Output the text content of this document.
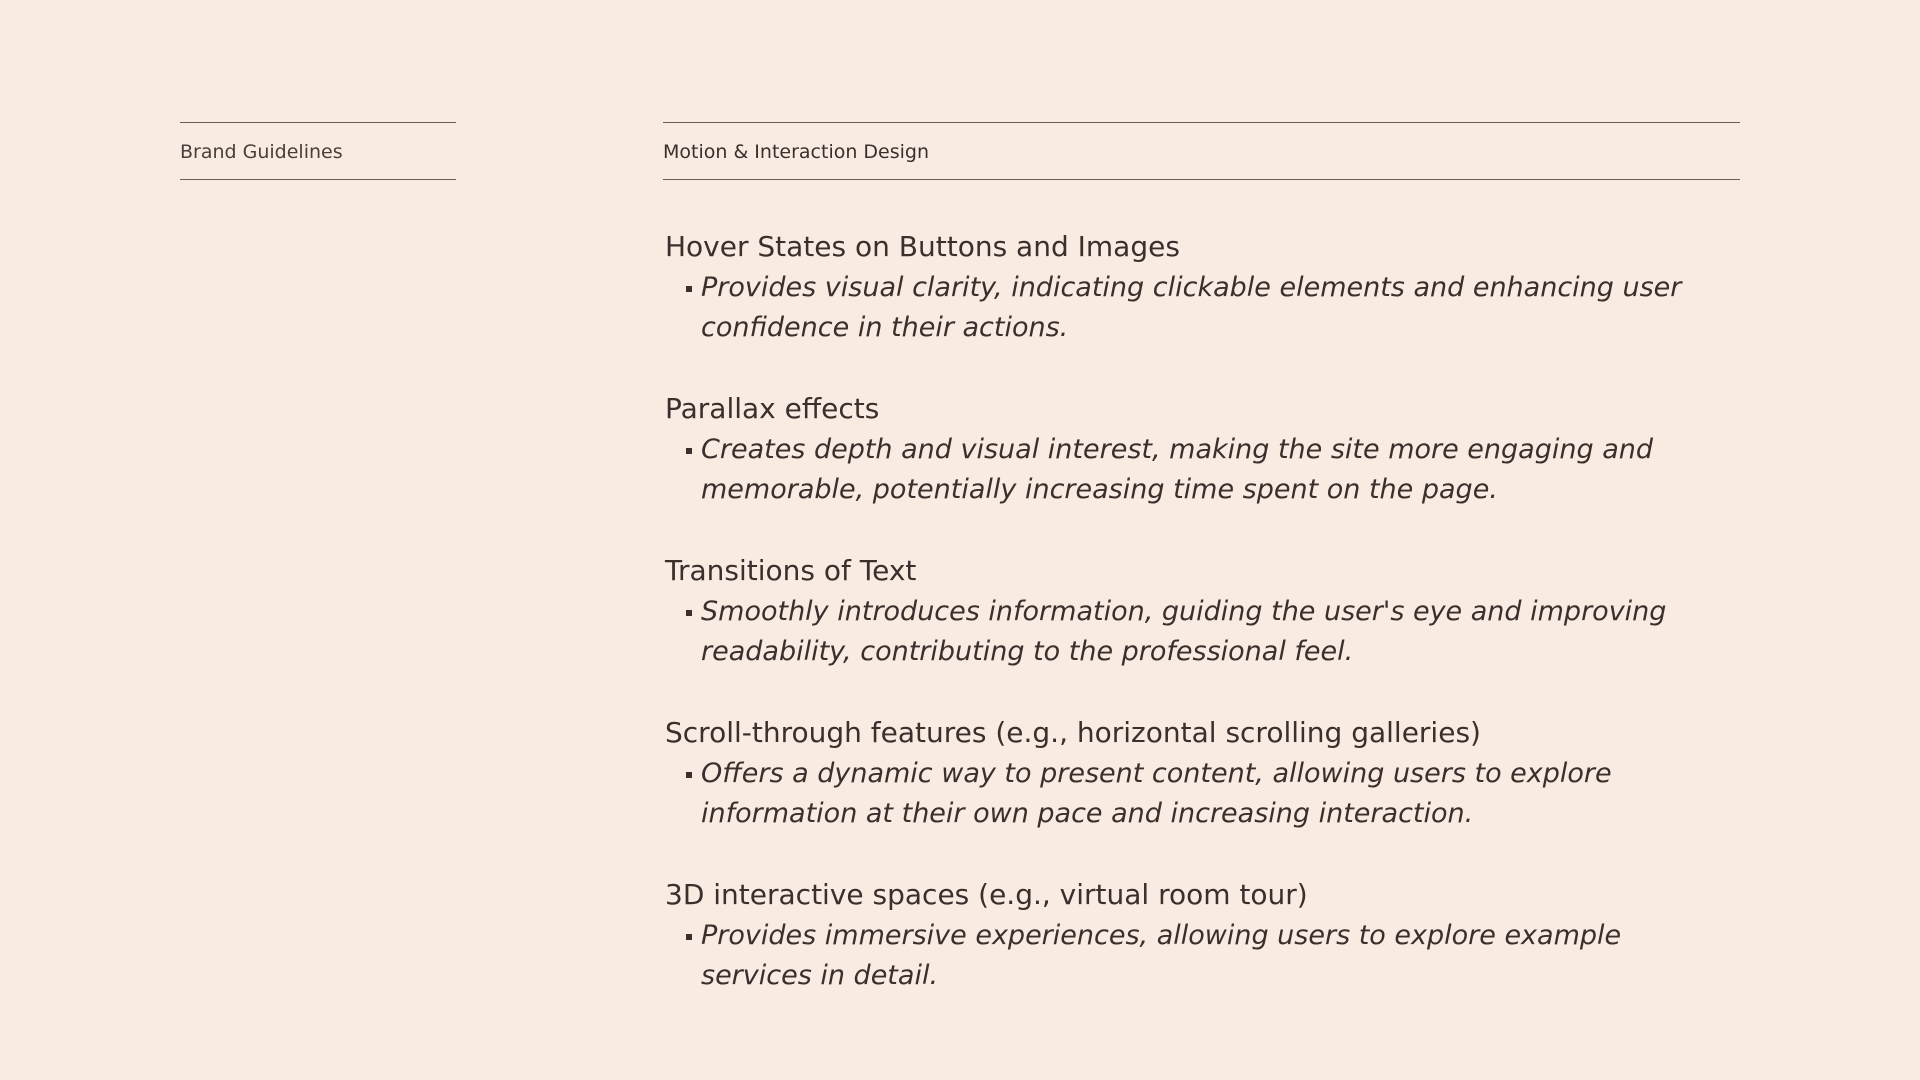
Brand Guidelines	Motion & Interaction Design
Hover States on Buttons and Images

Provides visual clarity, indicating clickable elements and enhancing user confidence in their actions.

Parallax effects

Creates depth and visual interest, making the site more engaging and memorable, potentially increasing time spent on the page.

Transitions of Text

Smoothly introduces information, guiding the user's eye and improving readability, contributing to the professional feel.

Scroll-through features (e.g., horizontal scrolling galleries)

Offers a dynamic way to present content, allowing users to explore information at their own pace and increasing interaction.

3D interactive spaces (e.g., virtual room tour)

Provides immersive experiences, allowing users to explore example services in detail.
